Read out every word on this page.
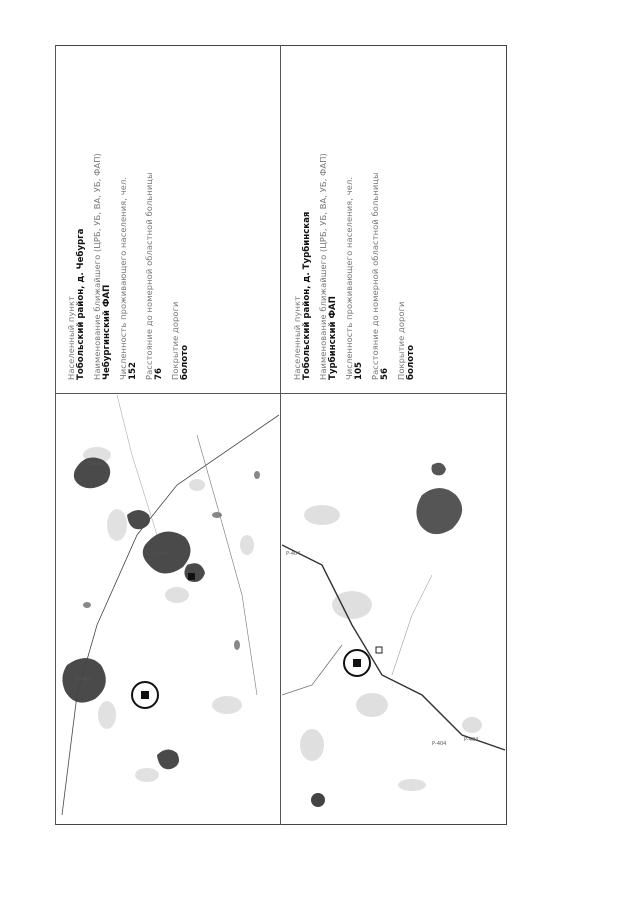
Озеро
Озеро
Озеро
Р-404
Р-404
Р-404
Населенный пункт Тобольский район, д. Чебурга Наименование ближайшего (ЦРБ, УБ, ВА, УБ, ФАП) Чебургинский ФАП Численность проживающего населения, чел. 152 Расстояние до номерной областной больницы 76 Покрытие дороги болото	Населенный пункт Тобольский район, д. Турбинская Наименование ближайшего (ЦРБ, УБ, ВА, УБ, ФАП) Турбинский ФАП Численность проживающего населения, чел. 105 Расстояние до номерной областной больницы 56 Покрытие дороги болото
